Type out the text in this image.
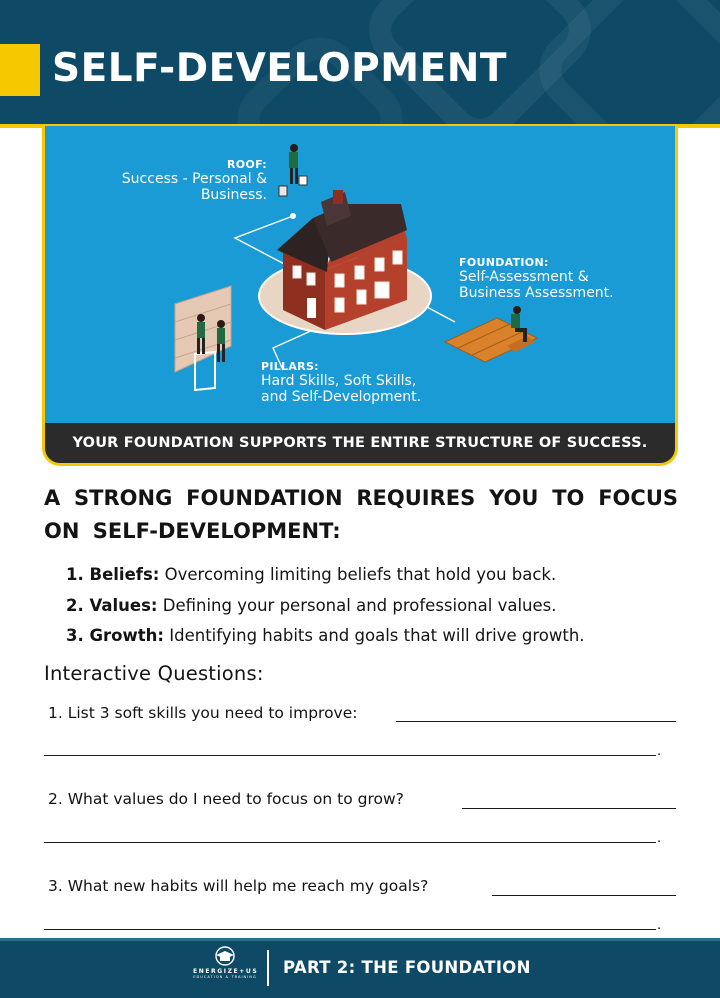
SELF-DEVELOPMENT
ROOF:
Success - Personal &
Business.
FOUNDATION:
Self-Assessment &
Business Assessment.
PILLARS:
Hard Skills, Soft Skills,
and Self-Development.
YOUR FOUNDATION SUPPORTS THE ENTIRE STRUCTURE OF SUCCESS.
A STRONG FOUNDATION REQUIRES YOU TO FOCUS ON SELF-DEVELOPMENT:
1. Beliefs: Overcoming limiting beliefs that hold you back.
2. Values: Defining your personal and professional values.
3. Growth: Identifying habits and goals that will drive growth.
Interactive Questions:
1. List 3 soft skills you need to improve:
.
2. What values do I need to focus on to grow?
.
3. What new habits will help me reach my goals?
.
ENERGIZE+US
EDUCATION & TRAINING PART 2: THE FOUNDATION
